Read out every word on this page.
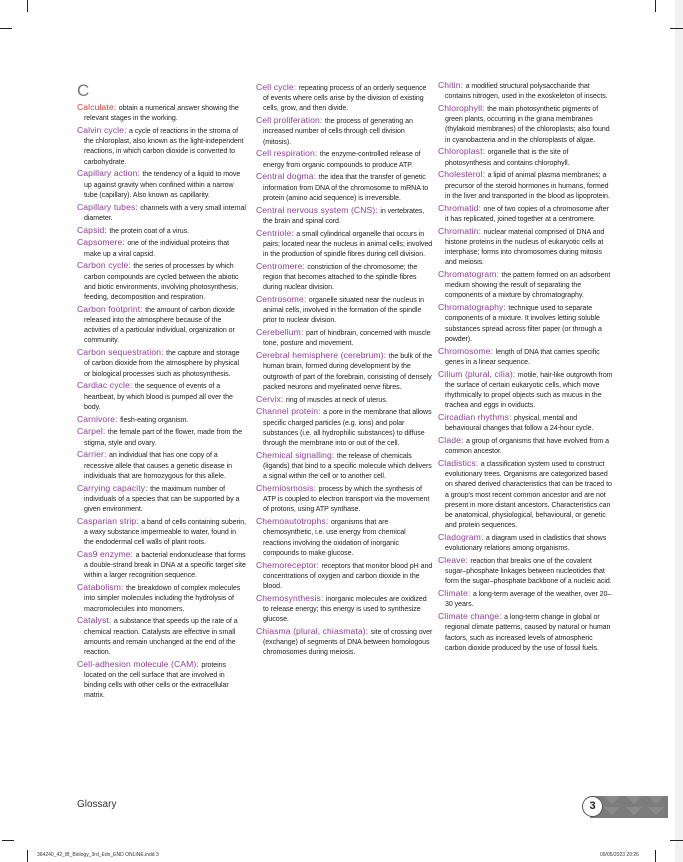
C
Calculate: obtain a numerical answer showing the relevant stages in the working.
Calvin cycle: a cycle of reactions in the stroma of the chloroplast, also known as the light-independent reactions, in which carbon dioxide is converted to carbohydrate.
Capillary action: the tendency of a liquid to move up against gravity when confined within a narrow tube (capillary). Also known as capillarity.
Capillary tubes: channels with a very small internal diameter.
Capsid: the protein coat of a virus.
Capsomere: one of the individual proteins that make up a viral capsid.
Carbon cycle: the series of processes by which carbon compounds are cycled between the abiotic and biotic environments, involving photosynthesis, feeding, decomposition and respiration.
Carbon footprint: the amount of carbon dioxide released into the atmosphere because of the activities of a particular individual, organization or community.
Carbon sequestration: the capture and storage of carbon dioxide from the atmosphere by physical or biological processes such as photosynthesis.
Cardiac cycle: the sequence of events of a heartbeat, by which blood is pumped all over the body.
Carnivore: flesh-eating organism.
Carpel: the female part of the flower, made from the stigma, style and ovary.
Carrier: an individual that has one copy of a recessive allele that causes a genetic disease in individuals that are homozygous for this allele.
Carrying capacity: the maximum number of individuals of a species that can be supported by a given environment.
Casparian strip: a band of cells containing suberin, a waxy substance impermeable to water, found in the endodermal cell walls of plant roots.
Cas9 enzyme: a bacterial endonuclease that forms a double-strand break in DNA at a specific target site within a larger recognition sequence.
Catabolism: the breakdown of complex molecules into simpler molecules including the hydrolysis of macromolecules into monomers.
Catalyst: a substance that speeds up the rate of a chemical reaction. Catalysts are effective in small amounts and remain unchanged at the end of the reaction.
Cell-adhesion molecule (CAM): proteins located on the cell surface that are involved in binding cells with other cells or the extracellular matrix.
Cell cycle: repeating process of an orderly sequence of events where cells arise by the division of existing cells, grow, and then divide.
Cell proliferation: the process of generating an increased number of cells through cell division (mitosis).
Cell respiration: the enzyme-controlled release of energy from organic compounds to produce ATP.
Central dogma: the idea that the transfer of genetic information from DNA of the chromosome to mRNA to protein (amino acid sequence) is irreversible.
Central nervous system (CNS): in vertebrates, the brain and spinal cord.
Centriole: a small cylindrical organelle that occurs in pairs; located near the nucleus in animal cells; involved in the production of spindle fibres during cell division.
Centromere: constriction of the chromosome; the region that becomes attached to the spindle fibres during nuclear division.
Centrosome: organelle situated near the nucleus in animal cells, involved in the formation of the spindle prior to nuclear division.
Cerebellum: part of hindbrain, concerned with muscle tone, posture and movement.
Cerebral hemisphere (cerebrum): the bulk of the human brain, formed during development by the outgrowth of part of the forebrain, consisting of densely packed neurons and myelinated nerve fibres.
Cervix: ring of muscles at neck of uterus.
Channel protein: a pore in the membrane that allows specific charged particles (e.g. ions) and polar substances (i.e. all hydrophilic substances) to diffuse through the membrane into or out of the cell.
Chemical signalling: the release of chemicals (ligands) that bind to a specific molecule which delivers a signal within the cell or to another cell.
Chemiosmosis: process by which the synthesis of ATP is coupled to electron transport via the movement of protons, using ATP synthase.
Chemoautotrophs: organisms that are chemosynthetic, i.e. use energy from chemical reactions involving the oxidation of inorganic compounds to make glucose.
Chemoreceptor: receptors that monitor blood pH and concentrations of oxygen and carbon dioxide in the blood.
Chemosynthesis: inorganic molecules are oxidized to release energy; this energy is used to synthesize glucose.
Chiasma (plural, chiasmata): site of crossing over (exchange) of segments of DNA between homologous chromosomes during meiosis.
Chitin: a modified structural polysaccharide that contains nitrogen, used in the exoskeleton of insects.
Chlorophyll: the main photosynthetic pigments of green plants, occurring in the grana membranes (thylakoid membranes) of the chloroplasts; also found in cyanobacteria and in the chloroplasts of algae.
Chloroplast: organelle that is the site of photosynthesis and contains chlorophyll.
Cholesterol: a lipid of animal plasma membranes; a precursor of the steroid hormones in humans, formed in the liver and transported in the blood as lipoprotein.
Chromatid: one of two copies of a chromosome after it has replicated, joined together at a centromere.
Chromatin: nuclear material comprised of DNA and histone proteins in the nucleus of eukaryotic cells at interphase; forms into chromosomes during mitosis and meiosis.
Chromatogram: the pattern formed on an adsorbent medium showing the result of separating the components of a mixture by chromatography.
Chromatography: technique used to separate components of a mixture. It involves letting soluble substances spread across filter paper (or through a powder).
Chromosome: length of DNA that carries specific genes in a linear sequence.
Cilium (plural, cilia): motile, hair-like outgrowth from the surface of certain eukaryotic cells, which move rhythmically to propel objects such as mucus in the trachea and eggs in oviducts.
Circadian rhythms: physical, mental and behavioural changes that follow a 24-hour cycle.
Clade: a group of organisms that have evolved from a common ancestor.
Cladistics: a classification system used to construct evolutionary trees. Organisms are categorized based on shared derived characteristics that can be traced to a group's most recent common ancestor and are not present in more distant ancestors. Characteristics can be anatomical, physiological, behavioural, or genetic and protein sequences.
Cladogram: a diagram used in cladistics that shows evolutionary relations among organisms.
Cleave: reaction that breaks one of the covalent sugar–phosphate linkages between nucleotides that form the sugar–phosphate backbone of a nucleic acid.
Climate: a long-term average of the weather, over 20–30 years.
Climate change: a long-term change in global or regional climate patterns, caused by natural or human factors, such as increased levels of atmospheric carbon dioxide produced by the use of fossil fuels.
Glossary	3
364240_42_IB_Biology_3rd_Edn_END ONLINE.indd 3	09/05/2023 20:26
